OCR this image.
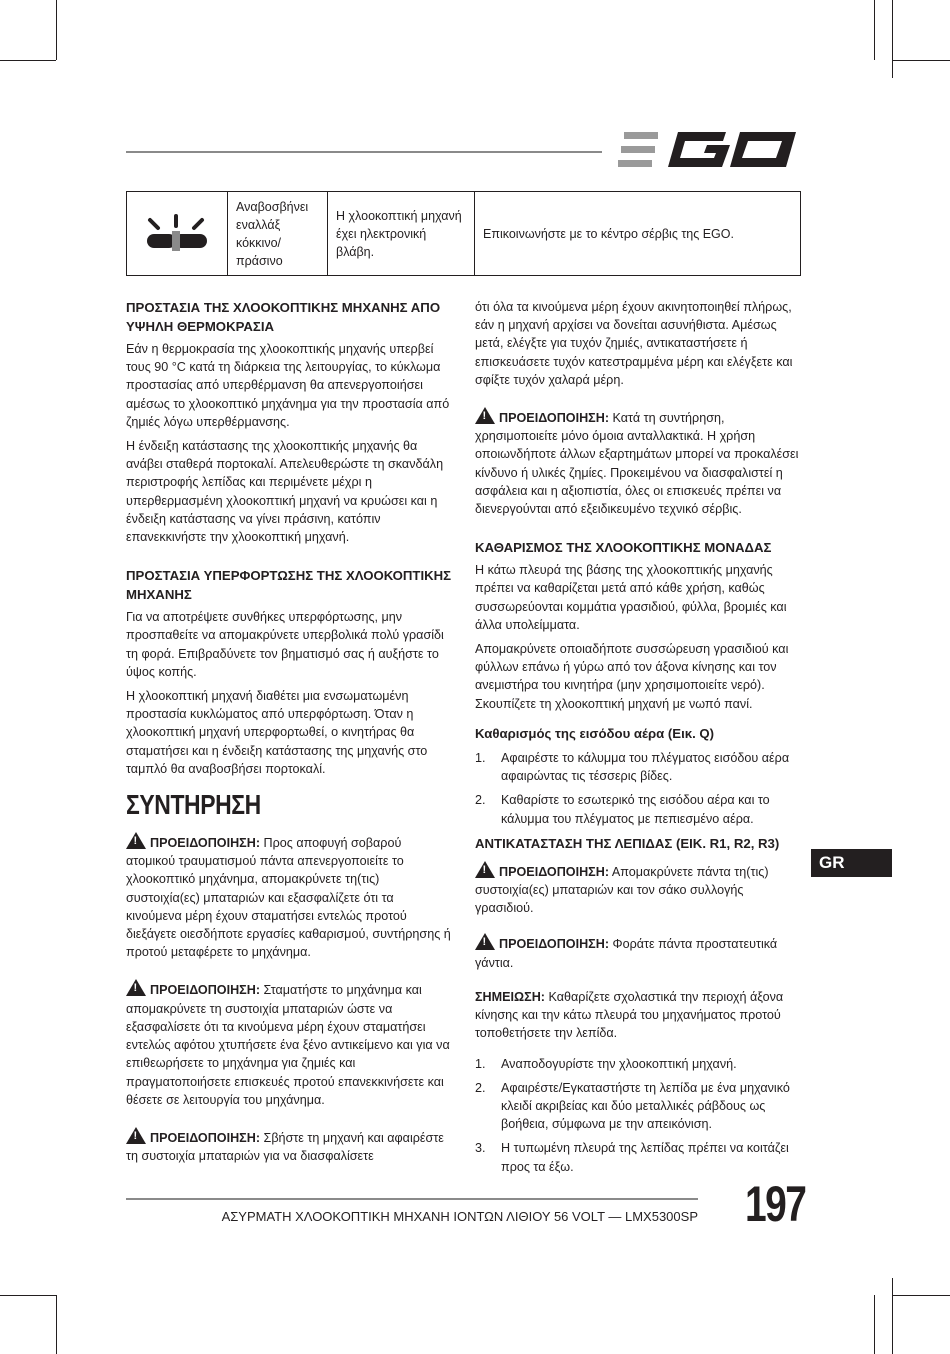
Αναβοσβήνει εναλλάξ κόκκινο/ πράσινο
Η χλοοκοπτική μηχανή έχει ηλεκτρονική βλάβη.
Επικοινωνήστε με το κέντρο σέρβις της EGO.
ΠΡΟΣΤΑΣΙΑ ΤΗΣ ΧΛΟΟΚΟΠΤΙΚΗΣ ΜΗΧΑΝΗΣ ΑΠΟ ΥΨΗΛΗ ΘΕΡΜΟΚΡΑΣΙΑ

Εάν η θερμοκρασία της χλοοκοπτικής μηχανής υπερβεί τους 90 °C κατά τη διάρκεια της λειτουργίας, το κύκλωμα προστασίας από υπερθέρμανση θα απενεργοποιήσει αμέσως το χλοοκοπτικό μηχάνημα για την προστασία από ζημιές λόγω υπερθέρμανσης.

Η ένδειξη κατάστασης της χλοοκοπτικής μηχανής θα ανάβει σταθερά πορτοκαλί. Απελευθερώστε τη σκανδάλη περιστροφής λεπίδας και περιμένετε μέχρι η υπερθερμασμένη χλοοκοπτική μηχανή να κρυώσει και η ένδειξη κατάστασης να γίνει πράσινη, κατόπιν επανεκκινήστε την χλοοκοπτική μηχανή.

ΠΡΟΣΤΑΣΙΑ ΥΠΕΡΦΟΡΤΩΣΗΣ ΤΗΣ ΧΛΟΟΚΟΠΤΙΚΗΣ ΜΗΧΑΝΗΣ

Για να αποτρέψετε συνθήκες υπερφόρτωσης, μην προσπαθείτε να απομακρύνετε υπερβολικά πολύ γρασίδι τη φορά. Επιβραδύνετε τον βηματισμό σας ή αυξήστε το ύψος κοπής.

Η χλοοκοπτική μηχανή διαθέτει μια ενσωματωμένη προστασία κυκλώματος από υπερφόρτωση. Όταν η χλοοκοπτική μηχανή υπερφορτωθεί, ο κινητήρας θα σταματήσει και η ένδειξη κατάστασης της μηχανής στο ταμπλό θα αναβοσβήσει πορτοκαλί.

ΣΥΝΤΗΡΗΣΗ

!ΠΡΟΕΙΔΟΠΟΙΗΣΗ: Προς αποφυγή σοβαρού ατομικού τραυματισμού πάντα απενεργοποιείτε το χλοοκοπτικό μηχάνημα, απομακρύνετε τη(τις) συστοιχία(ες) μπαταριών και εξασφαλίζετε ότι τα κινούμενα μέρη έχουν σταματήσει εντελώς προτού διεξάγετε οιεσδήποτε εργασίες καθαρισμού, συντήρησης ή προτού μεταφέρετε το μηχάνημα.

!ΠΡΟΕΙΔΟΠΟΙΗΣΗ: Σταματήστε το μηχάνημα και απομακρύνετε τη συστοιχία μπαταριών ώστε να εξασφαλίσετε ότι τα κινούμενα μέρη έχουν σταματήσει εντελώς αφότου χτυπήσετε ένα ξένο αντικείμενο και για να επιθεωρήσετε το μηχάνημα για ζημιές και πραγματοποιήσετε επισκευές προτού επανεκκινήσετε και θέσετε σε λειτουργία του μηχάνημα.

!ΠΡΟΕΙΔΟΠΟΙΗΣΗ: Σβήστε τη μηχανή και αφαιρέστε τη συστοιχία μπαταριών για να διασφαλίσετε

ότι όλα τα κινούμενα μέρη έχουν ακινητοποιηθεί πλήρως, εάν η μηχανή αρχίσει να δονείται ασυνήθιστα. Αμέσως μετά, ελέγξτε για τυχόν ζημιές, αντικαταστήσετε ή επισκευάσετε τυχόν κατεστραμμένα μέρη και ελέγξετε και σφίξτε τυχόν χαλαρά μέρη.

!ΠΡΟΕΙΔΟΠΟΙΗΣΗ: Κατά τη συντήρηση, χρησιμοποιείτε μόνο όμοια ανταλλακτικά. Η χρήση οποιωνδήποτε άλλων εξαρτημάτων μπορεί να προκαλέσει κίνδυνο ή υλικές ζημίες. Προκειμένου να διασφαλιστεί η ασφάλεια και η αξιοπιστία, όλες οι επισκευές πρέπει να διενεργούνται από εξειδικευμένο τεχνικό σέρβις.

ΚΑΘΑΡΙΣΜΟΣ ΤΗΣ ΧΛΟΟΚΟΠΤΙΚΗΣ ΜΟΝΑΔΑΣ

Η κάτω πλευρά της βάσης της χλοοκοπτικής μηχανής πρέπει να καθαρίζεται μετά από κάθε χρήση, καθώς συσσωρεύονται κομμάτια γρασιδιού, φύλλα, βρομιές και άλλα υπολείμματα.

Απομακρύνετε οποιαδήποτε συσσώρευση γρασιδιού και φύλλων επάνω ή γύρω από τον άξονα κίνησης και τον ανεμιστήρα του κινητήρα (μην χρησιμοποιείτε νερό). Σκουπίζετε τη χλοοκοπτική μηχανή με νωπό πανί.

Καθαρισμός της εισόδου αέρα (Εικ. Q)
1. Αφαιρέστε το κάλυμμα του πλέγματος εισόδου αέρα αφαιρώντας τις τέσσερις βίδες.
2. Καθαρίστε το εσωτερικό της εισόδου αέρα και το κάλυμμα του πλέγματος με πεπιεσμένο αέρα.
ΑΝΤΙΚΑΤΑΣΤΑΣΗ ΤΗΣ ΛΕΠΙΔΑΣ (ΕΙΚ. R1, R2, R3)

!ΠΡΟΕΙΔΟΠΟΙΗΣΗ: Απομακρύνετε πάντα τη(τις) συστοιχία(ες) μπαταριών και τον σάκο συλλογής γρασιδιού.

!ΠΡΟΕΙΔΟΠΟΙΗΣΗ: Φοράτε πάντα προστατευτικά γάντια.

ΣΗΜΕΙΩΣΗ: Καθαρίζετε σχολαστικά την περιοχή άξονα κίνησης και την κάτω πλευρά του μηχανήματος προτού τοποθετήσετε την λεπίδα.

1. Αναποδογυρίστε την χλοοκοπτική μηχανή.
2. Αφαιρέστε/Εγκαταστήστε τη λεπίδα με ένα μηχανικό κλειδί ακριβείας και δύο μεταλλικές ράβδους ως βοήθεια, σύμφωνα με την απεικόνιση.
3. Η τυπωμένη πλευρά της λεπίδας πρέπει να κοιτάζει προς τα έξω.
GR
ΑΣΥΡΜΑΤΗ ΧΛΟΟΚΟΠΤΙΚΗ ΜΗΧΑΝΗ ΙΟΝΤΩΝ ΛΙΘΙΟΥ 56 VOLT — LMX5300SP 197
